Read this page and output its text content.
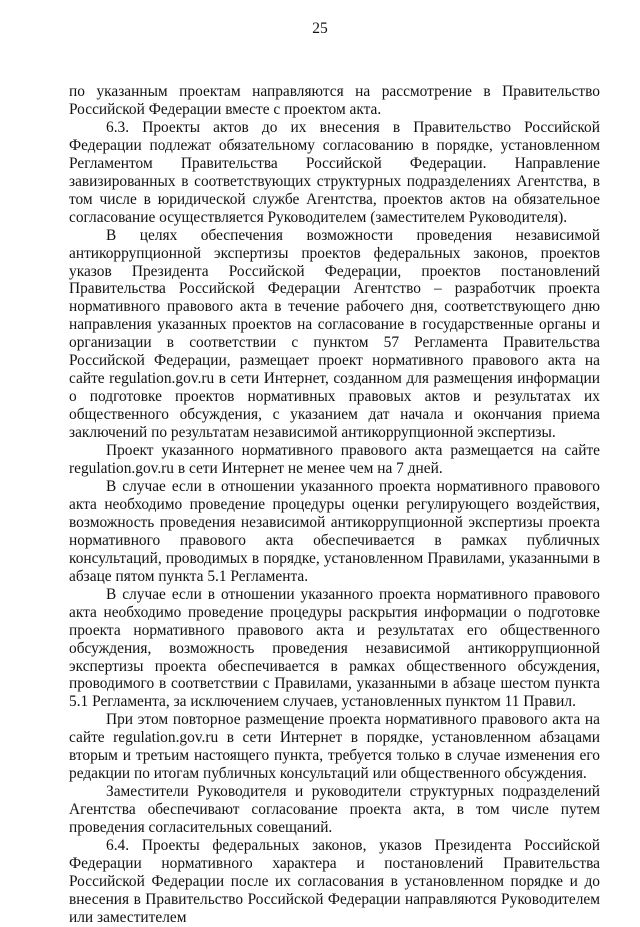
25

по указанным проектам направляются на рассмотрение в Правительство Российской Федерации вместе с проектом акта.

6.3. Проекты актов до их внесения в Правительство Российской Федерации подлежат обязательному согласованию в порядке, установленном Регламентом Правительства Российской Федерации. Направление завизированных в соответствующих структурных подразделениях Агентства, в том числе в юридической службе Агентства, проектов актов на обязательное согласование осуществляется Руководителем (заместителем Руководителя).

В целях обеспечения возможности проведения независимой антикоррупционной экспертизы проектов федеральных законов, проектов указов Президента Российской Федерации, проектов постановлений Правительства Российской Федерации Агентство – разработчик проекта нормативного правового акта в течение рабочего дня, соответствующего дню направления указанных проектов на согласование в государственные органы и организации в соответствии с пунктом 57 Регламента Правительства Российской Федерации, размещает проект нормативного правового акта на сайте regulation.gov.ru в сети Интернет, созданном для размещения информации о подготовке проектов нормативных правовых актов и результатах их общественного обсуждения, с указанием дат начала и окончания приема заключений по результатам независимой антикоррупционной экспертизы.

Проект указанного нормативного правового акта размещается на сайте regulation.gov.ru в сети Интернет не менее чем на 7 дней.

В случае если в отношении указанного проекта нормативного правового акта необходимо проведение процедуры оценки регулирующего воздействия, возможность проведения независимой антикоррупционной экспертизы проекта нормативного правового акта обеспечивается в рамках публичных консультаций, проводимых в порядке, установленном Правилами, указанными в абзаце пятом пункта 5.1 Регламента.

В случае если в отношении указанного проекта нормативного правового акта необходимо проведение процедуры раскрытия информации о подготовке проекта нормативного правового акта и результатах его общественного обсуждения, возможность проведения независимой антикоррупционной экспертизы проекта обеспечивается в рамках общественного обсуждения, проводимого в соответствии с Правилами, указанными в абзаце шестом пункта 5.1 Регламента, за исключением случаев, установленных пунктом 11 Правил.

При этом повторное размещение проекта нормативного правового акта на сайте regulation.gov.ru в сети Интернет в порядке, установленном абзацами вторым и третьим настоящего пункта, требуется только в случае изменения его редакции по итогам публичных консультаций или общественного обсуждения.

Заместители Руководителя и руководители структурных подразделений Агентства обеспечивают согласование проекта акта, в том числе путем проведения согласительных совещаний.

6.4. Проекты федеральных законов, указов Президента Российской Федерации нормативного характера и постановлений Правительства Российской Федерации после их согласования в установленном порядке и до внесения в Правительство Российской Федерации направляются Руководителем или заместителем
